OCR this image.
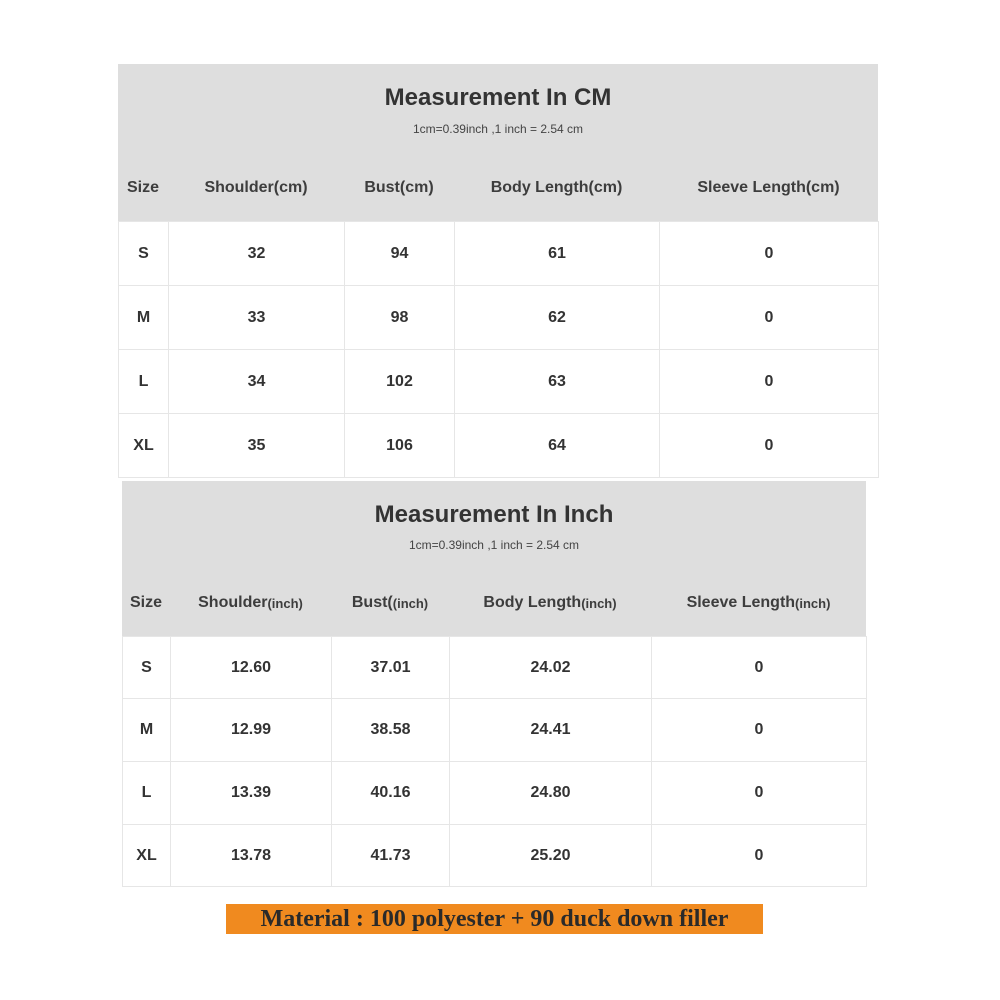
Measurement In CM
1cm=0.39inch ,1 inch = 2.54 cm
Size	Shoulder(cm)	Bust(cm)	Body Length(cm)	Sleeve Length(cm)
S	32	94	61	0
M	33	98	62	0
L	34	102	63	0
XL	35	106	64	0
Measurement In Inch
1cm=0.39inch ,1 inch = 2.54 cm
Size Shoulder (inch)	Bust( (inch)	Body Length (inch)	Sleeve Length (inch)
S	12.60	37.01	24.02	0
M	12.99	38.58	24.41	0
L	13.39	40.16	24.80	0
XL	13.78	41.73	25.20	0
Material : 100 polyester + 90 duck down filler
